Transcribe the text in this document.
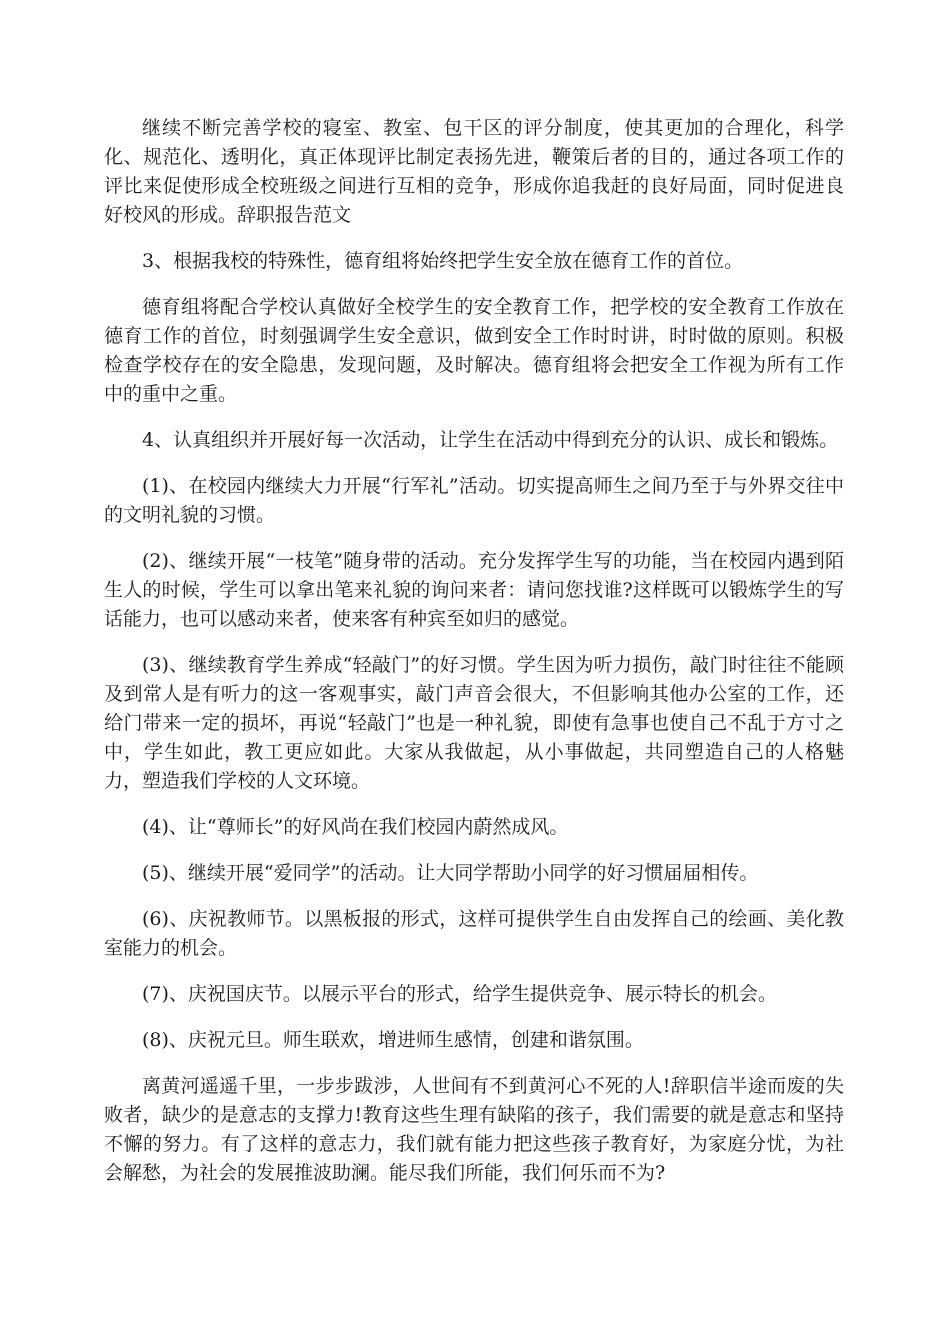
继续不断完善学校的寝室、教室、包干区的评分制度，使其更加的合理化，科学化、规范化、透明化，真正体现评比制定表扬先进，鞭策后者的目的，通过各项工作的评比来促使形成全校班级之间进行互相的竞争，形成你追我赶的良好局面，同时促进良好校风的形成。辞职报告范文

3、根据我校的特殊性，德育组将始终把学生安全放在德育工作的首位。

德育组将配合学校认真做好全校学生的安全教育工作，把学校的安全教育工作放在德育工作的首位，时刻强调学生安全意识，做到安全工作时时讲，时时做的原则。积极检查学校存在的安全隐患，发现问题，及时解决。德育组将会把安全工作视为所有工作中的重中之重。

4、认真组织并开展好每一次活动，让学生在活动中得到充分的认识、成长和锻炼。

(1)、在校园内继续大力开展“行军礼”活动。切实提高师生之间乃至于与外界交往中的文明礼貌的习惯。

(2)、继续开展“一枝笔”随身带的活动。充分发挥学生写的功能，当在校园内遇到陌生人的时候，学生可以拿出笔来礼貌的询问来者：请问您找谁?这样既可以锻炼学生的写话能力，也可以感动来者，使来客有种宾至如归的感觉。

(3)、继续教育学生养成“轻敲门”的好习惯。学生因为听力损伤，敲门时往往不能顾及到常人是有听力的这一客观事实，敲门声音会很大，不但影响其他办公室的工作，还给门带来一定的损坏，再说“轻敲门”也是一种礼貌，即使有急事也使自己不乱于方寸之中，学生如此，教工更应如此。大家从我做起，从小事做起，共同塑造自己的人格魅力，塑造我们学校的人文环境。

(4)、让“尊师长”的好风尚在我们校园内蔚然成风。

(5)、继续开展“爱同学”的活动。让大同学帮助小同学的好习惯届届相传。

(6)、庆祝教师节。以黑板报的形式，这样可提供学生自由发挥自己的绘画、美化教室能力的机会。

(7)、庆祝国庆节。以展示平台的形式，给学生提供竞争、展示特长的机会。

(8)、庆祝元旦。师生联欢，增进师生感情，创建和谐氛围。

离黄河遥遥千里，一步步跋涉，人世间有不到黄河心不死的人!辞职信半途而废的失败者，缺少的是意志的支撑力!教育这些生理有缺陷的孩子，我们需要的就是意志和坚持不懈的努力。有了这样的意志力，我们就有能力把这些孩子教育好，为家庭分忧，为社会解愁，为社会的发展推波助澜。能尽我们所能，我们何乐而不为?
